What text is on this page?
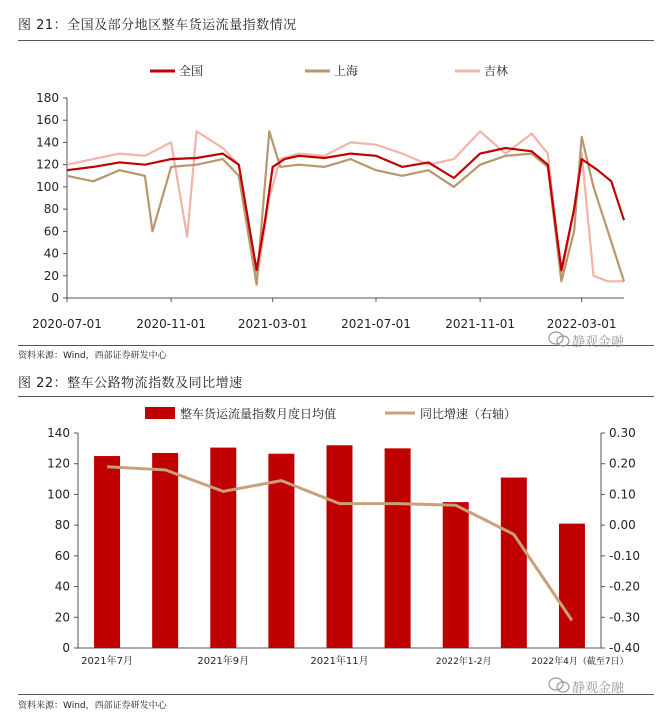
图 21：全国及部分地区整车货运流量指数情况
0
20
40
60
80
100
120
140
160
180
2020-07-01	2020-11-01	2021-03-01	2021-07-01	2021-11-01	2022-03-01
全国	上海	吉林
资料来源：Wind，西部证券研发中心
静观金融
图 22：整车公路物流指数及同比增速
0
20
40
60
80
100
120
140
-0.40
-0.30
-0.20
-0.10
0.00
0.10
0.20
0.30
2021年7月	2021年9月	2021年11月	2022年1-2月	2022年4月（截至7日）
整车货运流量指数月度日均值	同比增速（右轴）
资料来源：Wind，西部证券研发中心
静观金融
